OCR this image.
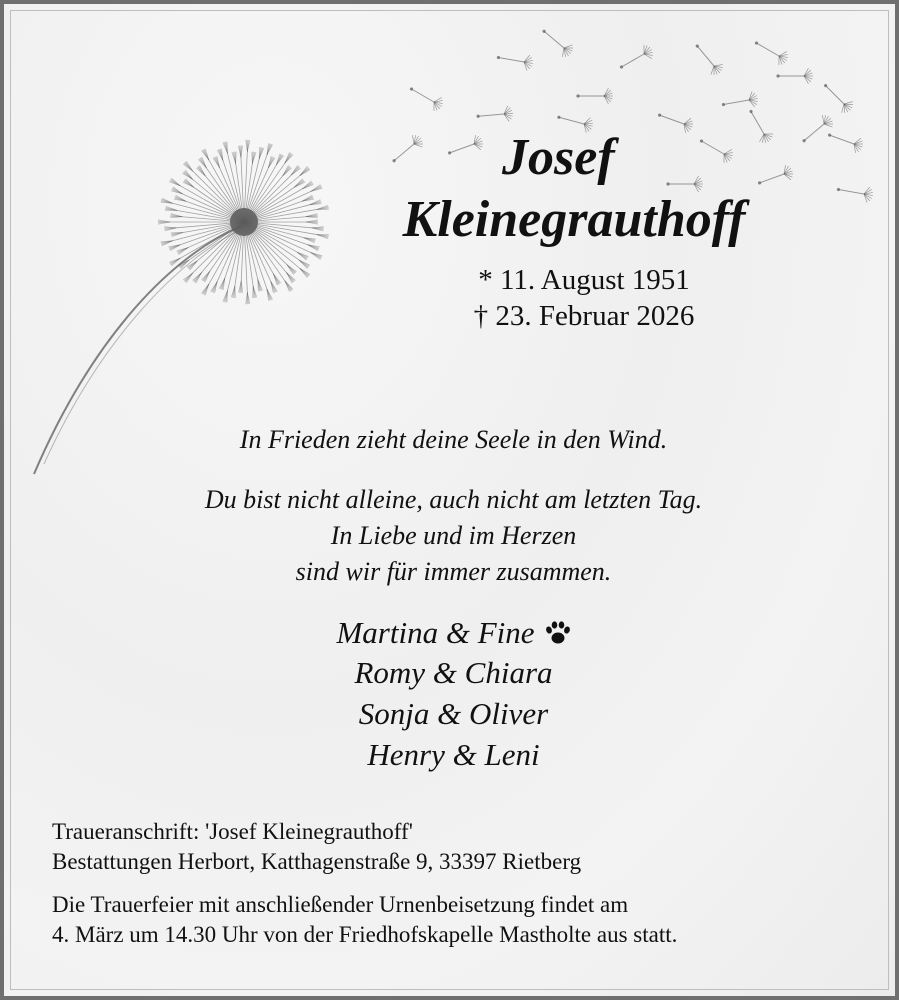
Josef
Kleinegrauthoff
* 11. August 1951
† 23. Februar 2026
In Frieden zieht deine Seele in den Wind.
Du bist nicht alleine, auch nicht am letzten Tag.
In Liebe und im Herzen
sind wir für immer zusammen.
Martina & Fine
Romy & Chiara
Sonja & Oliver
Henry & Leni
Traueranschrift: 'Josef Kleinegrauthoff'
Bestattungen Herbort, Katthagenstraße 9, 33397 Rietberg
Die Trauerfeier mit anschließender Urnenbeisetzung findet am
4. März um 14.30 Uhr von der Friedhofskapelle Mastholte aus statt.
